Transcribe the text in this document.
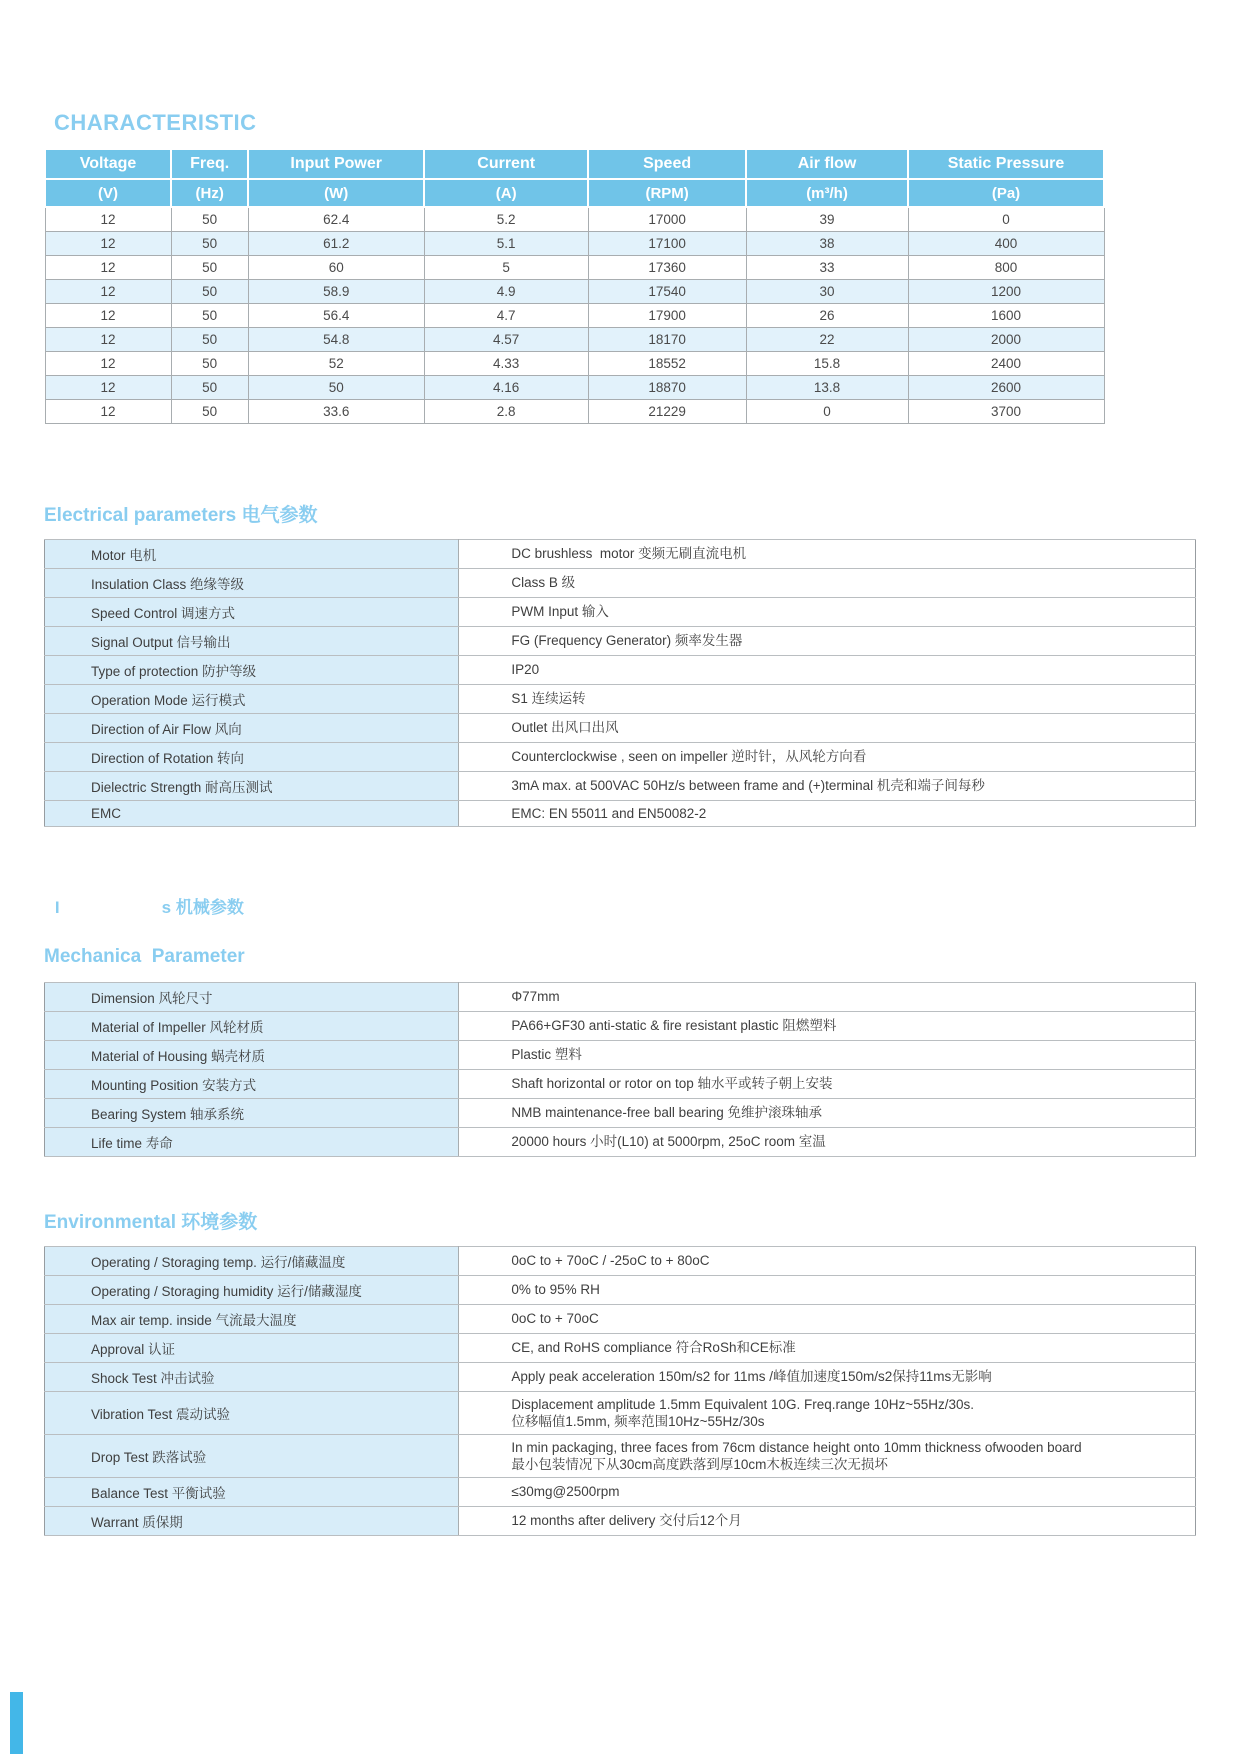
CHARACTERISTIC
Voltage	Freq.	Input Power	Current	Speed	Air flow	Static Pressure
(V)	(Hz)	(W)	(A)	(RPM)	(m³/h)	(Pa)
12	50	62.4	5.2	17000	39	0
12	50	61.2	5.1	17100	38	400
12	50	60	5	17360	33	800
12	50	58.9	4.9	17540	30	1200
12	50	56.4	4.7	17900	26	1600
12	50	54.8	4.57	18170	22	2000
12	50	52	4.33	18552	15.8	2400
12	50	50	4.16	18870	13.8	2600
12	50	33.6	2.8	21229	0	3700
Electrical parameters 电气参数
Motor 电机	DC brushless  motor 变频无刷直流电机

Insulation Class 绝缘等级	Class B 级

Speed Control 调速方式	PWM Input 输入

Signal Output 信号输出	FG (Frequency Generator) 频率发生器

Type of protection 防护等级	IP20

Operation Mode 运行模式	S1 连续运转

Direction of Air Flow 风向	Outlet 出风口出风

Direction of Rotation 转向	Counterclockwise , seen on impeller 逆时针，从风轮方向看

Dielectric Strength 耐高压测试	3mA max. at 500VAC 50Hz/s between frame and (+)terminal 机壳和端子间每秒

EMC	EMC: EN 55011 and EN50082-2

I	s 机械参数

Mechanica  Parameter
Dimension 风轮尺寸	Φ77mm

Material of Impeller 风轮材质	PA66+GF30 anti-static & fire resistant plastic 阻燃塑料

Material of Housing 蜗壳材质	Plastic 塑料

Mounting Position 安装方式	Shaft horizontal or rotor on top 轴水平或转子朝上安装

Bearing System 轴承系统	NMB maintenance-free ball bearing 免维护滚珠轴承

Life time 寿命	20000 hours 小时(L10) at 5000rpm, 25oC room 室温
Environmental 环境参数
Operating / Storaging temp. 运行/储藏温度	0oC to + 70oC / -25oC to + 80oC

Operating / Storaging humidity 运行/储藏湿度	0% to 95% RH

Max air temp. inside 气流最大温度	0oC to + 70oC

Approval 认证	CE, and RoHS compliance 符合RoSh和CE标准

Shock Test 冲击试验	Apply peak acceleration 150m/s2 for 11ms /峰值加速度150m/s2保持11ms无影响

Vibration Test 震动试验	Displacement amplitude 1.5mm Equivalent 10G. Freq.range 10Hz~55Hz/30s.
位移幅值1.5mm, 频率范围10Hz~55Hz/30s

Drop Test 跌落试验	In min packaging, three faces from 76cm distance height onto 10mm thickness ofwooden board
最小包装情况下从30cm高度跌落到厚10cm木板连续三次无损坏

Balance Test 平衡试验	≤30mg@2500rpm

Warrant 质保期	12 months after delivery 交付后12个月
